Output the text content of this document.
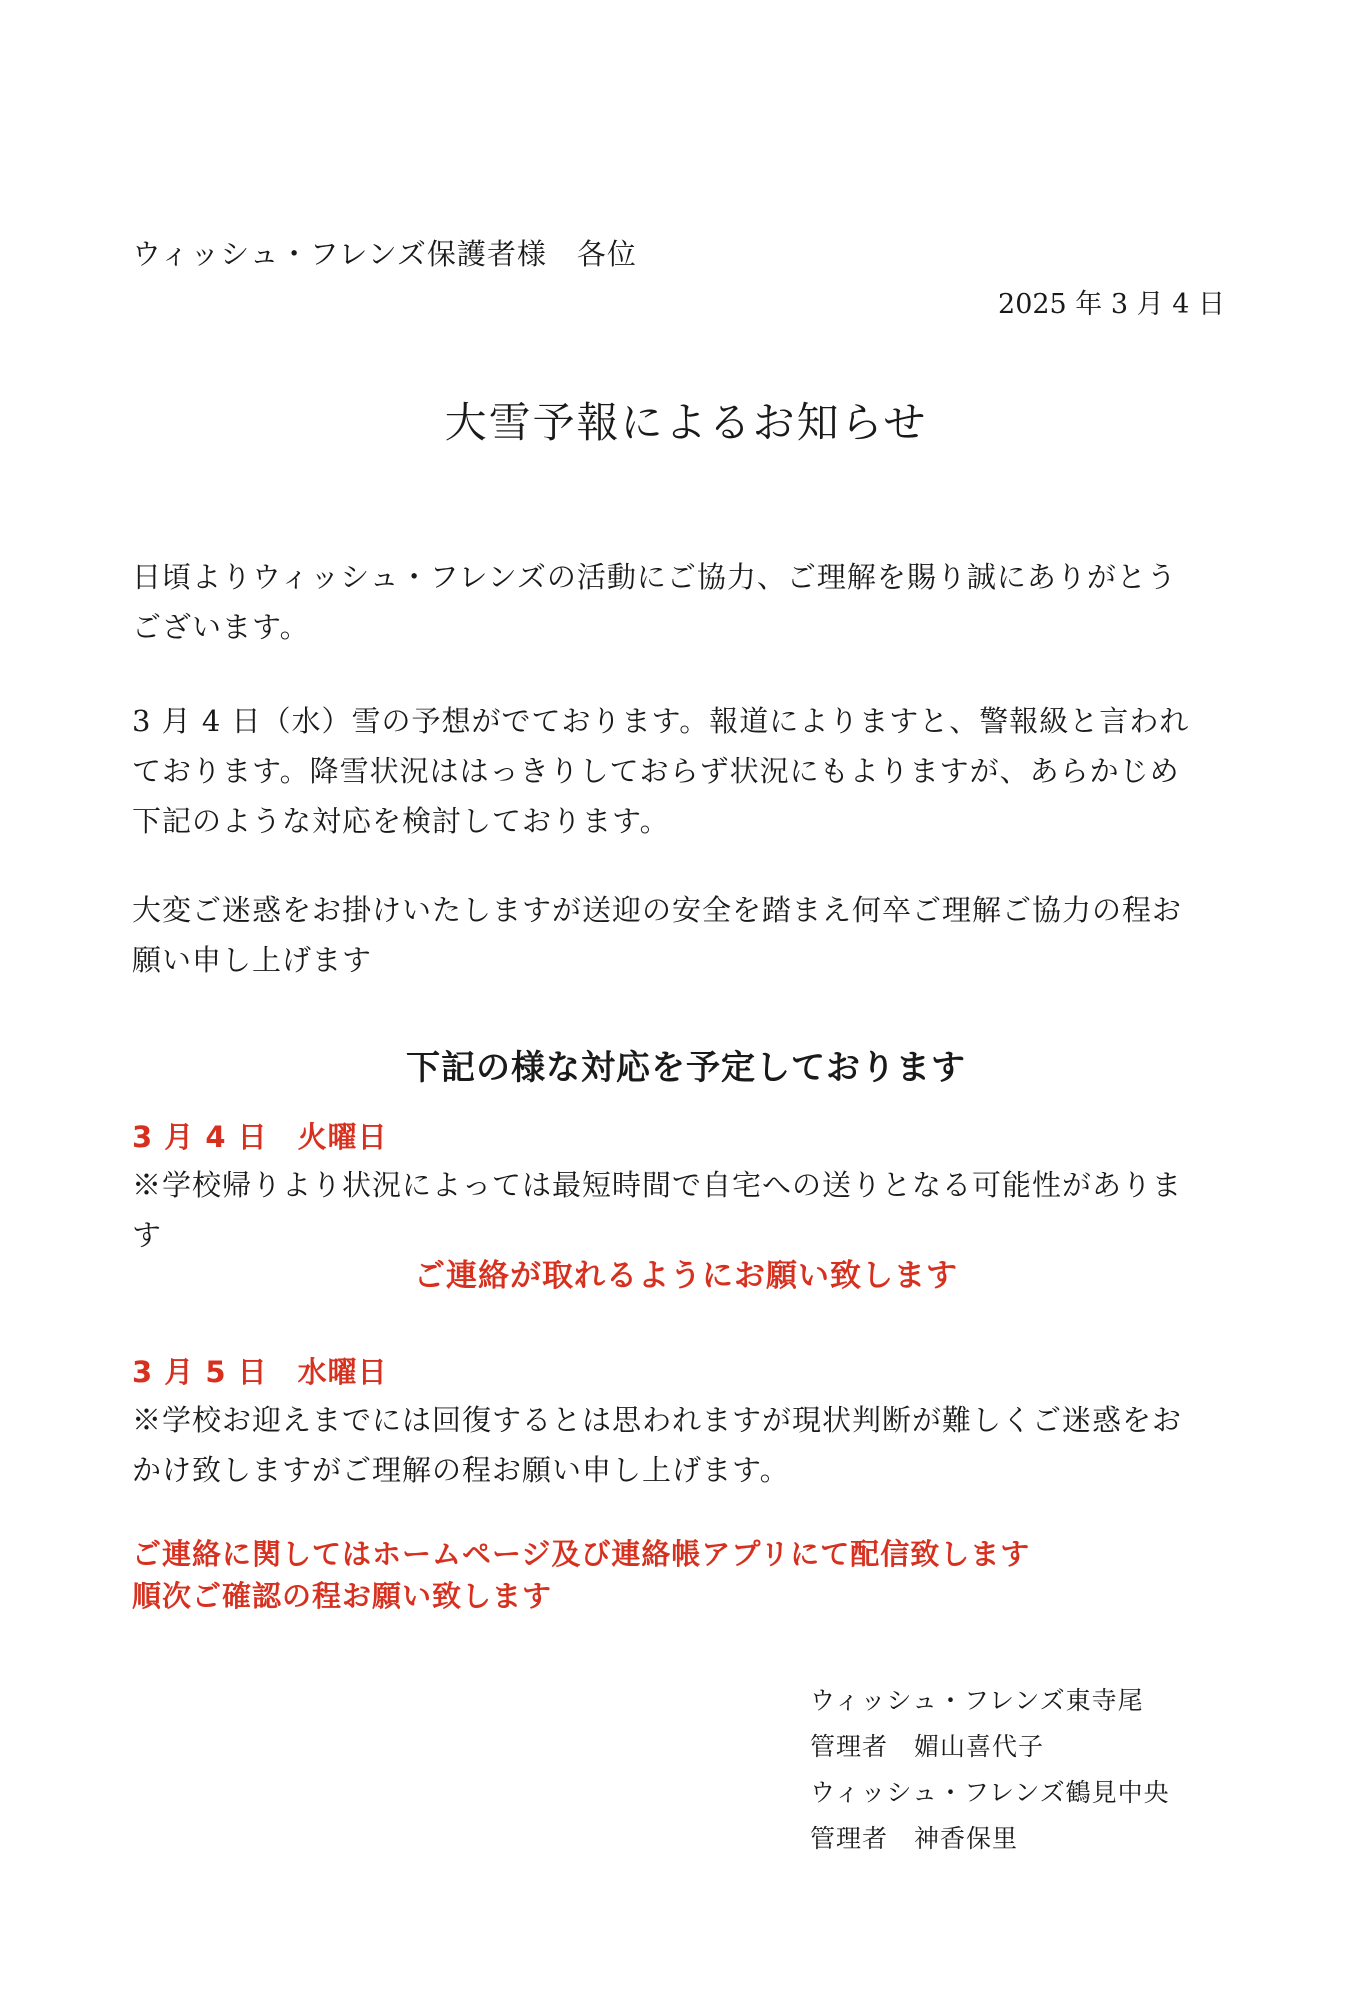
ウィッシュ・フレンズ保護者様　各位

2025 年 3 月 4 日

大雪予報によるお知らせ
日頃よりウィッシュ・フレンズの活動にご協力、ご理解を賜り誠にありがとう
ございます。
3 月 4 日（水）雪の予想がでております。報道によりますと、警報級と言われ
ております。降雪状況ははっきりしておらず状況にもよりますが、あらかじめ
下記のような対応を検討しております。
大変ご迷惑をお掛けいたしますが送迎の安全を踏まえ何卒ご理解ご協力の程お
願い申し上げます
下記の様な対応を予定しております

3 月 4 日　火曜日

※学校帰りより状況によっては最短時間で自宅への送りとなる可能性がありま
す

ご連絡が取れるようにお願い致します

3 月 5 日　水曜日

※学校お迎えまでには回復するとは思われますが現状判断が難しくご迷惑をお
かけ致しますがご理解の程お願い申し上げます。
ご連絡に関してはホームページ及び連絡帳アプリにて配信致します
順次ご確認の程お願い致します
ウィッシュ・フレンズ東寺尾
管理者　媚山喜代子
ウィッシュ・フレンズ鶴見中央
管理者　神香保里
